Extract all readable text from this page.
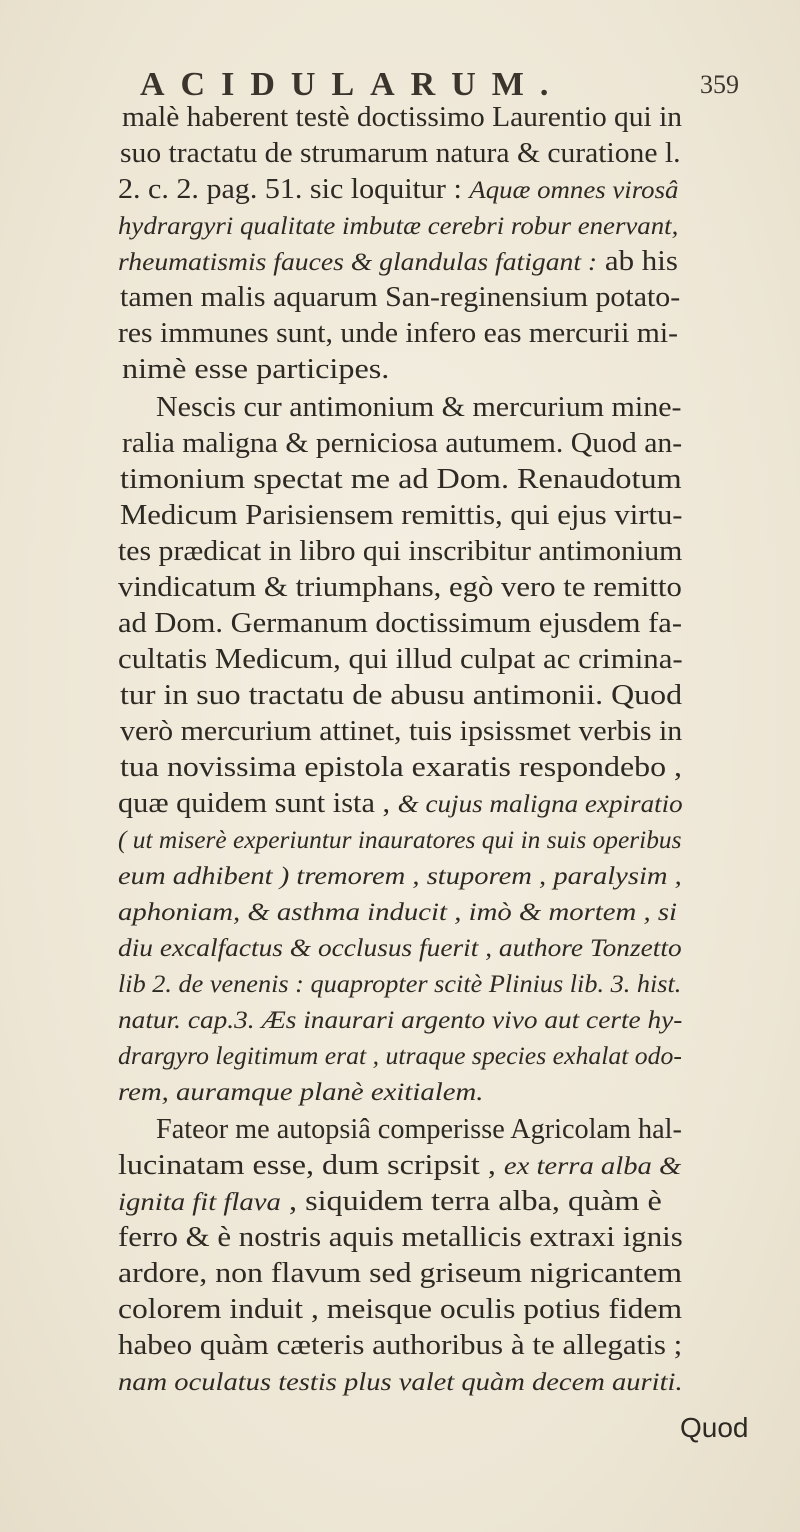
ACIDULARUM.	359
malè haberent testè doctissimo Laurentio qui in
suo tractatu de strumarum natura & curatione l.
2. c. 2. pag. 51. sic loquitur : Aquæ omnes virosâ
hydrargyri qualitate imbutæ cerebri robur enervant,
rheumatismis fauces & glandulas fatigant : ab his
tamen malis aquarum San-reginensium potato-
res immunes sunt, unde infero eas mercurii mi-
nimè esse participes.
Nescis cur antimonium & mercurium mine-
ralia maligna & perniciosa autumem. Quod an-
timonium spectat me ad Dom. Renaudotum
Medicum Parisiensem remittis, qui ejus virtu-
tes prædicat in libro qui inscribitur antimonium
vindicatum & triumphans, egò vero te remitto
ad Dom. Germanum doctissimum ejusdem fa-
cultatis Medicum, qui illud culpat ac crimina-
tur in suo tractatu de abusu antimonii. Quod
verò mercurium attinet, tuis ipsissmet verbis in
tua novissima epistola exaratis respondebo ,
quæ quidem sunt ista , & cujus maligna expiratio
( ut miserè experiuntur inauratores qui in suis operibus
eum adhibent ) tremorem , stuporem , paralysim ,
aphoniam, & asthma inducit , imò & mortem , si
diu excalfactus & occlusus fuerit , authore Tonzetto
lib 2. de venenis : quapropter scitè Plinius lib. 3. hist.
natur. cap.3. Æs inaurari argento vivo aut certe hy-
drargyro legitimum erat , utraque species exhalat odo-
rem, auramque planè exitialem.
Fateor me autopsiâ comperisse Agricolam hal-
lucinatam esse, dum scripsit , ex terra alba &
ignita fit flava , siquidem terra alba, quàm è
ferro & è nostris aquis metallicis extraxi ignis
ardore, non flavum sed griseum nigricantem
colorem induit , meisque oculis potius fidem
habeo quàm cæteris authoribus à te allegatis ;
nam oculatus testis plus valet quàm decem auriti.
Quod
